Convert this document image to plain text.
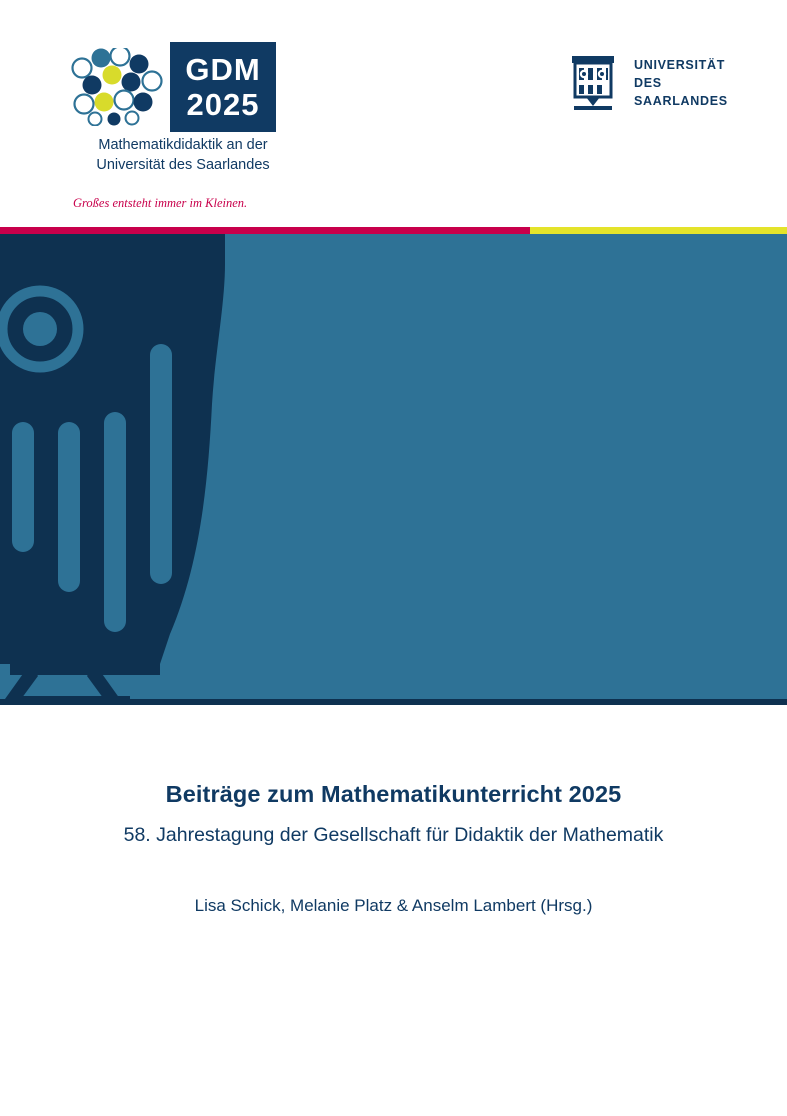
GDM
2025
Mathematikdidaktik an der
Universität des Saarlandes
Großes entsteht immer im Kleinen.
UNIVERSITÄT
DES
SAARLANDES
Beiträge zum Mathematikunterricht 2025
58. Jahrestagung der Gesellschaft für Didaktik der Mathematik
Lisa Schick, Melanie Platz & Anselm Lambert (Hrsg.)
